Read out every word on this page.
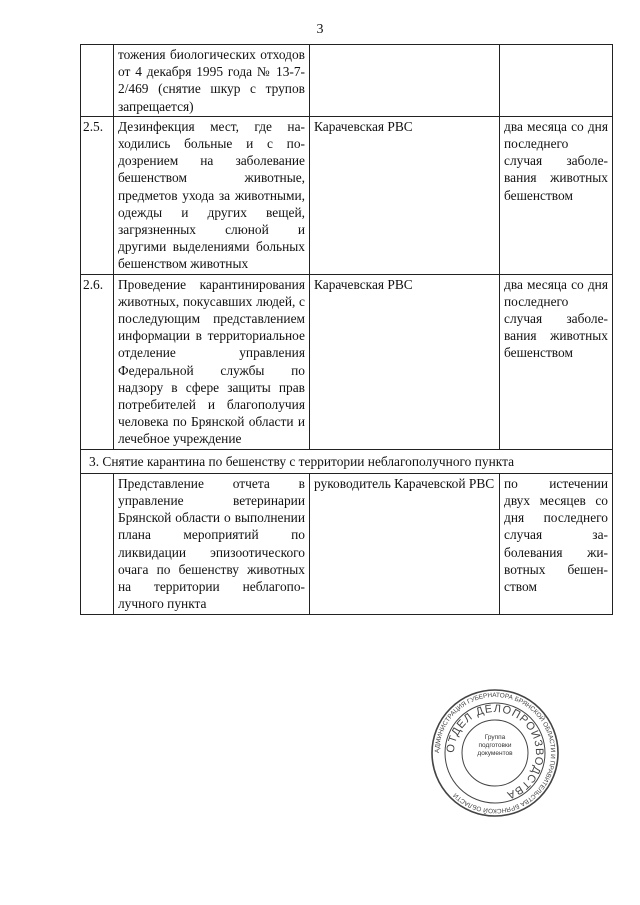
3
	тожения биологических отходов от 4 декабря 1995 года № 13-7-2/469 (снятие шкур с трупов запрещается)		
2.5.	Дезинфекция мест, где находились больные и с подозрением на заболевание бешенством животные, предметов ухода за животными, одежды и других вещей, загрязненных слюной и другими выделениями больных бешенством животных	Карачевская РВС	два месяца со дня последнего случая заболевания животных бешенством
2.6.	Проведение карантинирования животных, покусавших людей, с последующим представлением информации в территориальное отделение управления Федеральной службы по надзору в сфере защиты прав потребителей и благополучия человека по Брянской области и лечебное учреждение	Карачевская РВС	два месяца со дня последнего случая заболевания животных бешенством
3. Снятие карантина по бешенству с территории неблагополучного пункта			
	Представление отчета в управление ветеринарии Брянской области о выполнении плана мероприятий по ликвидации эпизоотического очага по бешенству животных на территории неблагополучного пункта	руководитель Карачевской РВС	по истечении двух месяцев со дня последнего случая заболевания животных бешенством
АДМИНИСТРАЦИЯ ГУБЕРНАТОРА БРЯНСКОЙ ОБЛАСТИ И ПРАВИТЕЛЬСТВА БРЯНСКОЙ ОБЛАСТИ
ОТДЕЛ ДЕЛОПРОИЗВОДСТВА
Группа подготовки документов
